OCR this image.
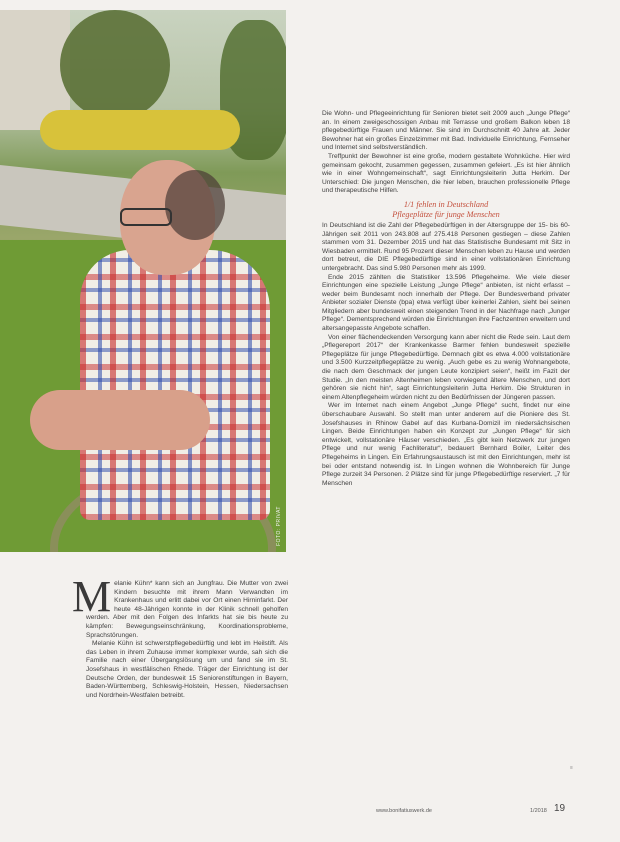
FOTO: PRIVAT

Die Wohn- und Pflegeeinrichtung für Senioren bietet seit 2009 auch „Junge Pflege“ an. In einem zweigeschossigen Anbau mit Terrasse und großem Balkon leben 18 pflegebedürftige Frauen und Männer. Sie sind im Durchschnitt 40 Jahre alt. Jeder Bewohner hat ein großes Einzelzimmer mit Bad. Individuelle Einrichtung, Fernseher und Internet sind selbstverständlich.

Treffpunkt der Bewohner ist eine große, modern gestaltete Wohnküche. Hier wird gemeinsam gekocht, zusammen gegessen, zusammen gefeiert. „Es ist hier ähnlich wie in einer Wohngemeinschaft“, sagt Einrichtungsleiterin Jutta Herkim. Der Unterschied: Die jungen Menschen, die hier leben, brauchen professionelle Pflege und therapeutische Hilfen.

1/1 fehlen in Deutschland
Pflegeplätze für junge Menschen

In Deutschland ist die Zahl der Pflegebedürftigen in der Altersgruppe der 15- bis 60-Jährigen seit 2011 von 243.808 auf 275.418 Personen gestiegen – diese Zahlen stammen vom 31. Dezember 2015 und hat das Statistische Bundesamt mit Sitz in Wiesbaden ermittelt. Rund 95 Prozent dieser Menschen leben zu Hause und werden dort betreut, die DIE Pflegebedürftige sind in einer vollstationären Einrichtung untergebracht. Das sind 5.980 Personen mehr als 1999.

Ende 2015 zählten die Statistiker 13.596 Pflegeheime. Wie viele dieser Einrichtungen eine spezielle Leistung „Junge Pflege“ anbieten, ist nicht erfasst – weder beim Bundesamt noch innerhalb der Pflege. Der Bundesverband privater Anbieter sozialer Dienste (bpa) etwa verfügt über keinerlei Zahlen, sieht bei seinen Mitgliedern aber bundesweit einen steigenden Trend in der Nachfrage nach „Junger Pflege“. Dementsprechend würden die Einrichtungen ihre Fachzentren erweitern und altersangepasste Angebote schaffen.

Von einer flächendeckenden Versorgung kann aber nicht die Rede sein. Laut dem „Pflegereport 2017“ der Krankenkasse Barmer fehlen bundesweit spezielle Pflegeplätze für junge Pflegebedürftige. Demnach gibt es etwa 4.000 vollstationäre und 3.500 Kurzzeitpflegeplätze zu wenig. „Auch gebe es zu wenig Wohnangebote, die nach dem Geschmack der jungen Leute konzipiert seien“, heißt im Fazit der Studie. „In den meisten Altenheimen leben vorwiegend ältere Menschen, und dort gehören sie nicht hin“, sagt Einrichtungsleiterin Jutta Herkim. Die Strukturen in einem Altenpflegeheim würden nicht zu den Bedürfnissen der Jüngeren passen.

Wer im Internet nach einem Angebot „Junge Pflege“ sucht, findet nur eine überschaubare Auswahl. So stellt man unter anderem auf die Pioniere des St. Josefshauses in Rhinow Gabel auf das Kurbana-Domizil im niedersächsischen Lingen. Beide Einrichtungen haben ein Konzept zur „Jungen Pflege“ für sich entwickelt, vollstationäre Häuser verschieden. „Es gibt kein Netzwerk zur jungen Pflege und nur wenig Fachliteratur“, bedauert Bernhard Boiler, Leiter des Pflegeheims in Lingen. Ein Erfahrungsaustausch ist mit den Einrichtungen, mehr ist bei oder entstand notwendig ist. In Lingen wohnen die Wohnbereich für Junge Pflege zurzeit 34 Personen. 2 Plätze sind für junge Pflegebedürftige reserviert. „7 für Menschen

M elanie Kühn* kann sich an Jungfrau. Die Mutter von zwei Kindern besuchte mit ihrem Mann Verwandten im Krankenhaus und erlitt dabei vor Ort einen Hirninfarkt. Der heute 48-Jährigen konnte in der Klinik schnell geholfen werden. Aber mit den Folgen des Infarkts hat sie bis heute zu kämpfen: Bewegungseinschränkung, Koordinationsprobleme, Sprachstörungen.

Melanie Kühn ist schwerstpflegebedürftig und lebt im Heilstift. Als das Leben in ihrem Zuhause immer komplexer wurde, sah sich die Familie nach einer Übergangslösung um und fand sie im St. Josefshaus in westfälischen Rhede. Träger der Einrichtung ist der Deutsche Orden, der bundesweit 15 Seniorenstiftungen in Bayern, Baden-Württemberg, Schleswig-Holstein, Hessen, Niedersachsen und Nordrhein-Westfalen betreibt.

≡
www.bonifatiuswerk.de	1/2018 19
